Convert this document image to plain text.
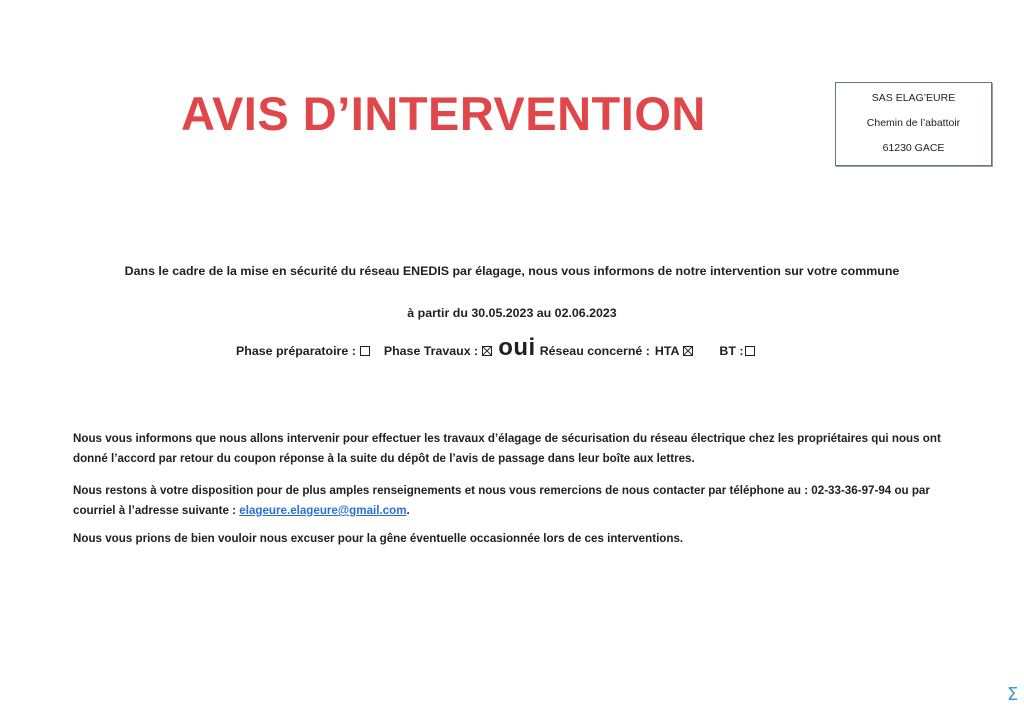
AVIS D’INTERVENTION	SAS ELAG’EURE
Chemin de l’abattoir
61230 GACE
Dans le cadre de la mise en sécurité du réseau ENEDIS par élagage, nous vous informons de notre intervention sur votre commune
à partir du 30.05.2023 au 02.06.2023
Phase préparatoire : Phase Travaux : oui Réseau concerné : HTA	BT :
Nous vous informons que nous allons intervenir pour effectuer les travaux d’élagage de sécurisation du réseau électrique chez les propriétaires qui nous ont donné l’accord par retour du coupon réponse à la suite du dépôt de l’avis de passage dans leur boîte aux lettres.
Nous restons à votre disposition pour de plus amples renseignements et nous vous remercions de nous contacter par téléphone au : 02-33-36-97-94 ou par courriel à l’adresse suivante : elageure.elageure@gmail.com.
Nous vous prions de bien vouloir nous excuser pour la gêne éventuelle occasionnée lors de ces interventions.
Σ
